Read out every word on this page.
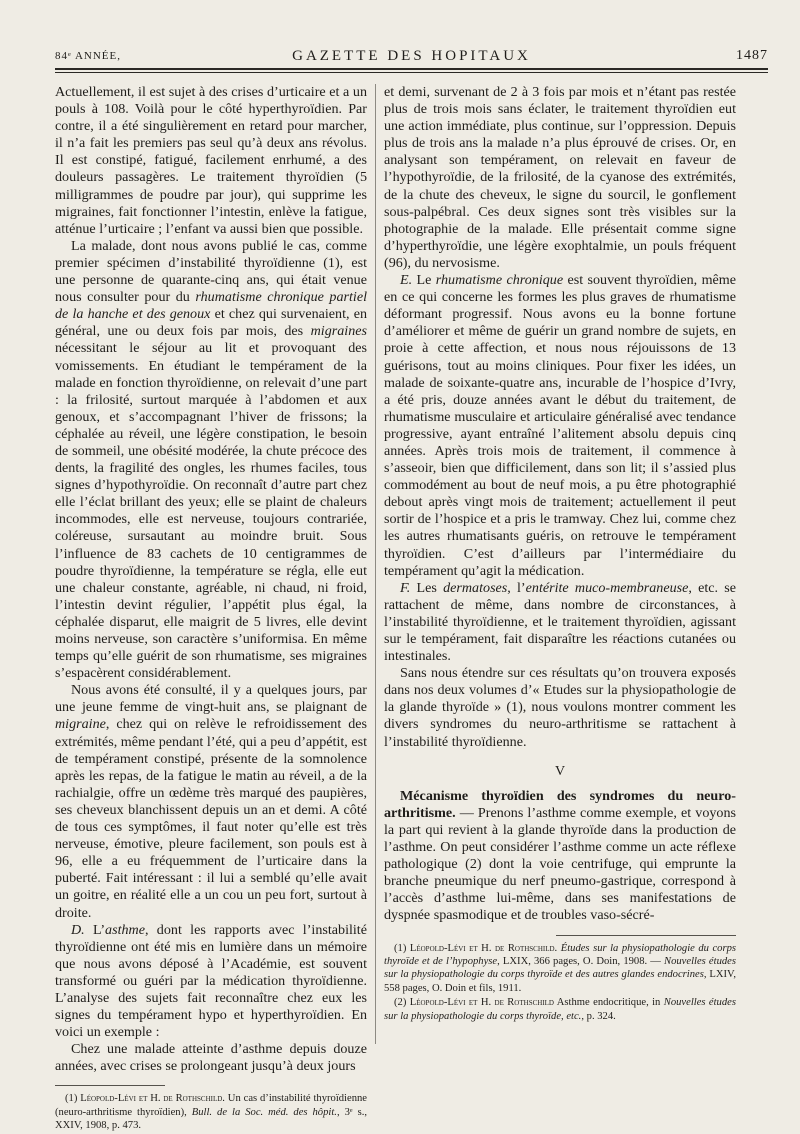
84ᵉ ANNÉE,	GAZETTE DES HOPITAUX	1487

Actuellement, il est sujet à des crises d’urticaire et a un pouls à 108. Voilà pour le côté hyperthyroïdien. Par contre, il a été singulièrement en retard pour marcher, il n’a fait les premiers pas seul qu’à deux ans révolus. Il est constipé, fatigué, facilement enrhumé, a des douleurs passagères. Le traitement thyroïdien (5 milligrammes de poudre par jour), qui supprime les migraines, fait fonctionner l’intestin, enlève la fatigue, atténue l’urticaire ; l’enfant va aussi bien que possible.

La malade, dont nous avons publié le cas, comme premier spécimen d’instabilité thyroïdienne (1), est une personne de quarante-cinq ans, qui était venue nous consulter pour du rhumatisme chronique partiel de la hanche et des genoux et chez qui survenaient, en général, une ou deux fois par mois, des migraines nécessitant le séjour au lit et provoquant des vomissements. En étudiant le tempérament de la malade en fonction thyroïdienne, on relevait d’une part : la frilosité, surtout marquée à l’abdomen et aux genoux, et s’accompagnant l’hiver de frissons; la céphalée au réveil, une légère constipation, le besoin de sommeil, une obésité modérée, la chute précoce des dents, la fragilité des ongles, les rhumes faciles, tous signes d’hypothyroïdie. On reconnaît d’autre part chez elle l’éclat brillant des yeux; elle se plaint de chaleurs incommodes, elle est nerveuse, toujours contrariée, coléreuse, sursautant au moindre bruit. Sous l’influence de 83 cachets de 10 centigrammes de poudre thyroïdienne, la température se régla, elle eut une chaleur constante, agréable, ni chaud, ni froid, l’intestin devint régulier, l’appétit plus égal, la céphalée disparut, elle maigrit de 5 livres, elle devint moins nerveuse, son caractère s’uniformisa. En même temps qu’elle guérit de son rhumatisme, ses migraines s’espacèrent considérablement.

Nous avons été consulté, il y a quelques jours, par une jeune femme de vingt-huit ans, se plaignant de migraine, chez qui on relève le refroidissement des extrémités, même pendant l’été, qui a peu d’appétit, est de tempérament constipé, présente de la somnolence après les repas, de la fatigue le matin au réveil, a de la rachialgie, offre un œdème très marqué des paupières, ses cheveux blanchissent depuis un an et demi. A côté de tous ces symptômes, il faut noter qu’elle est très nerveuse, émotive, pleure facilement, son pouls est à 96, elle a eu fréquemment de l’urticaire dans la puberté. Fait intéressant : il lui a semblé qu’elle avait un goitre, en réalité elle a un cou un peu fort, surtout à droite.

D. L’asthme, dont les rapports avec l’instabilité thyroïdienne ont été mis en lumière dans un mémoire que nous avons déposé à l’Académie, est souvent transformé ou guéri par la médication thyroïdienne. L’analyse des sujets fait reconnaître chez eux les signes du tempérament hypo et hyperthyroïdien. En voici un exemple :

Chez une malade atteinte d’asthme depuis douze années, avec crises se prolongeant jusqu’à deux jours

(1) Léopold-Lévi et H. de Rothschild. Un cas d’instabilité thyroïdienne (neuro-arthritisme thyroïdien), Bull. de la Soc. méd. des hôpit., 3ᵉ s., XXIV, 1908, p. 473.

et demi, survenant de 2 à 3 fois par mois et n’étant pas restée plus de trois mois sans éclater, le traitement thyroïdien eut une action immédiate, plus continue, sur l’oppression. Depuis plus de trois ans la malade n’a plus éprouvé de crises. Or, en analysant son tempérament, on relevait en faveur de l’hypothyroïdie, de la frilosité, de la cyanose des extrémités, de la chute des cheveux, le signe du sourcil, le gonflement sous-palpébral. Ces deux signes sont très visibles sur la photographie de la malade. Elle présentait comme signe d’hyperthyroïdie, une légère exophtalmie, un pouls fréquent (96), du nervosisme.

E. Le rhumatisme chronique est souvent thyroïdien, même en ce qui concerne les formes les plus graves de rhumatisme déformant progressif. Nous avons eu la bonne fortune d’améliorer et même de guérir un grand nombre de sujets, en proie à cette affection, et nous nous réjouissons de 13 guérisons, tout au moins cliniques. Pour fixer les idées, un malade de soixante-quatre ans, incurable de l’hospice d’Ivry, a été pris, douze années avant le début du traitement, de rhumatisme musculaire et articulaire généralisé avec tendance progressive, ayant entraîné l’alitement absolu depuis cinq années. Après trois mois de traitement, il commence à s’asseoir, bien que difficilement, dans son lit; il s’assied plus commodément au bout de neuf mois, a pu être photographié debout après vingt mois de traitement; actuellement il peut sortir de l’hospice et a pris le tramway. Chez lui, comme chez les autres rhumatisants guéris, on retrouve le tempérament thyroïdien. C’est d’ailleurs par l’intermédiaire du tempérament qu’agit la médication.

F. Les dermatoses, l’entérite muco-membraneuse, etc. se rattachent de même, dans nombre de circonstances, à l’instabilité thyroïdienne, et le traitement thyroïdien, agissant sur le tempérament, fait disparaître les réactions cutanées ou intestinales.

Sans nous étendre sur ces résultats qu’on trouvera exposés dans nos deux volumes d’« Etudes sur la physiopathologie de la glande thyroïde » (1), nous voulons montrer comment les divers syndromes du neuro-arthritisme se rattachent à l’instabilité thyroïdienne.

V

Mécanisme thyroïdien des syndromes du neuro-arthritisme. — Prenons l’asthme comme exemple, et voyons la part qui revient à la glande thyroïde dans la production de l’asthme. On peut considérer l’asthme comme un acte réflexe pathologique (2) dont la voie centrifuge, qui emprunte la branche pneumique du nerf pneumo-gastrique, correspond à l’accès d’asthme lui-même, dans ses manifestations de dyspnée spasmodique et de troubles vaso-sécré-

(1) Léopold-Lévi et H. de Rothschild. Études sur la physiopathologie du corps thyroïde et de l’hypophyse, LXIX, 366 pages, O. Doin, 1908. — Nouvelles études sur la physiopathologie du corps thyroïde et des autres glandes endocrines, LXIV, 558 pages, O. Doin et fils, 1911.

(2) Léopold-Lévi et H. de Rothschild Asthme endocritique, in Nouvelles études sur la physiopathologie du corps thyroïde, etc., p. 324.
